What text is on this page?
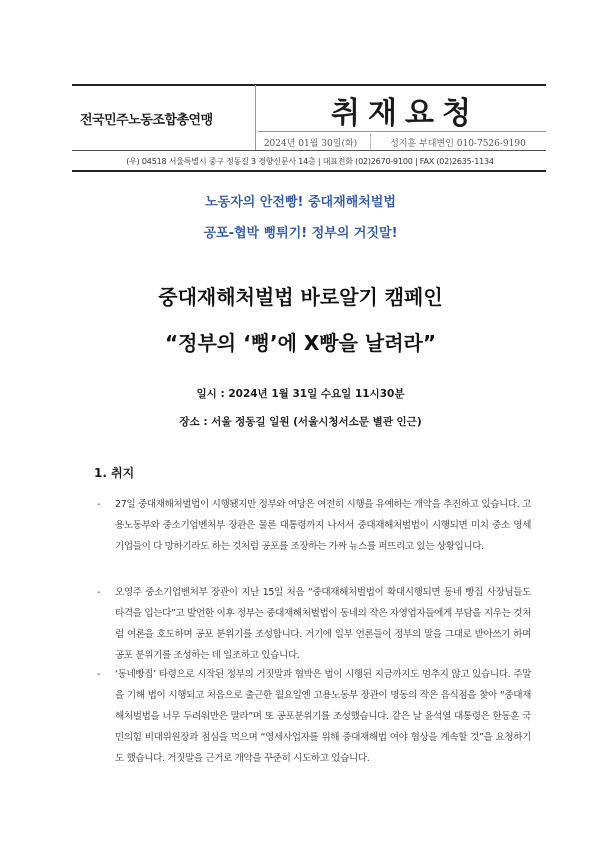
전국민주노동조합총연맹	취재요청
2024년 01월 30일(화)	성지훈 부대변인 010-7526-9190
(우) 04518 서울특별시 중구 정동길 3 경향신문사 14층 | 대표전화 (02)2670-9100 | FAX (02)2635-1134
노동자의 안전빵! 중대재해처벌법
공포-협박 뻥튀기! 정부의 거짓말!
중대재해처벌법 바로알기 캠페인
“정부의 ‘뻥’에 X빵을 날려라”
일시 : 2024년 1월 31일 수요일 11시30분
장소 : 서울 정동길 일원 (서울시청서소문 별관 인근)
1. 취지
- 27일 중대재해처벌법이 시행됐지만 정부와 여당은 여전히 시행을 유예하는 개악을 추진하고 있습니다. 고용노동부와 중소기업벤처부 장관은 물론 대통령까지 나서서 중대재해처벌법이 시행되면 미치 중소 영세기업들이 다 망하기라도 하는 것처럼 공포를 조장하는 가짜 뉴스를 퍼뜨리고 있는 상황입니다.
- 오영주 중소기업벤처부 장관이 지난 15일 처음 “중대재해처벌법이 확대시행되면 동네 빵집 사장님들도 타격을 입는다”고 발언한 이후 정부는 중대재해처벌법이 동네의 작은 자영업자들에게 부담을 지우는 것처럼 여론을 호도하며 공포 분위기를 조성합니다. 거기에 일부 언론들이 정부의 말을 그대로 받아쓰기 하며 공포 분위기를 조성하는 데 일조하고 있습니다.
- ‘동네빵집’ 타령으로 시작된 정부의 거짓말과 협박은 법이 시행된 지금까지도 멈추지 않고 있습니다. 주말을 기해 법이 시행되고 처음으로 출근한 월요일엔 고용노동부 장관이 명동의 작은 음식점을 찾아 “중대재해처벌법을 너무 두려워만은 말라”며 또 공포분위기를 조성했습니다. 같은 날 윤석열 대통령은 한동훈 국민의힘 비대위원장과 점심을 먹으며 “영세사업자를 위해 중대재해법 여야 협상을 계속할 것”을 요청하기도 했습니다. 거짓말을 근거로 개악을 꾸준히 시도하고 있습니다.
